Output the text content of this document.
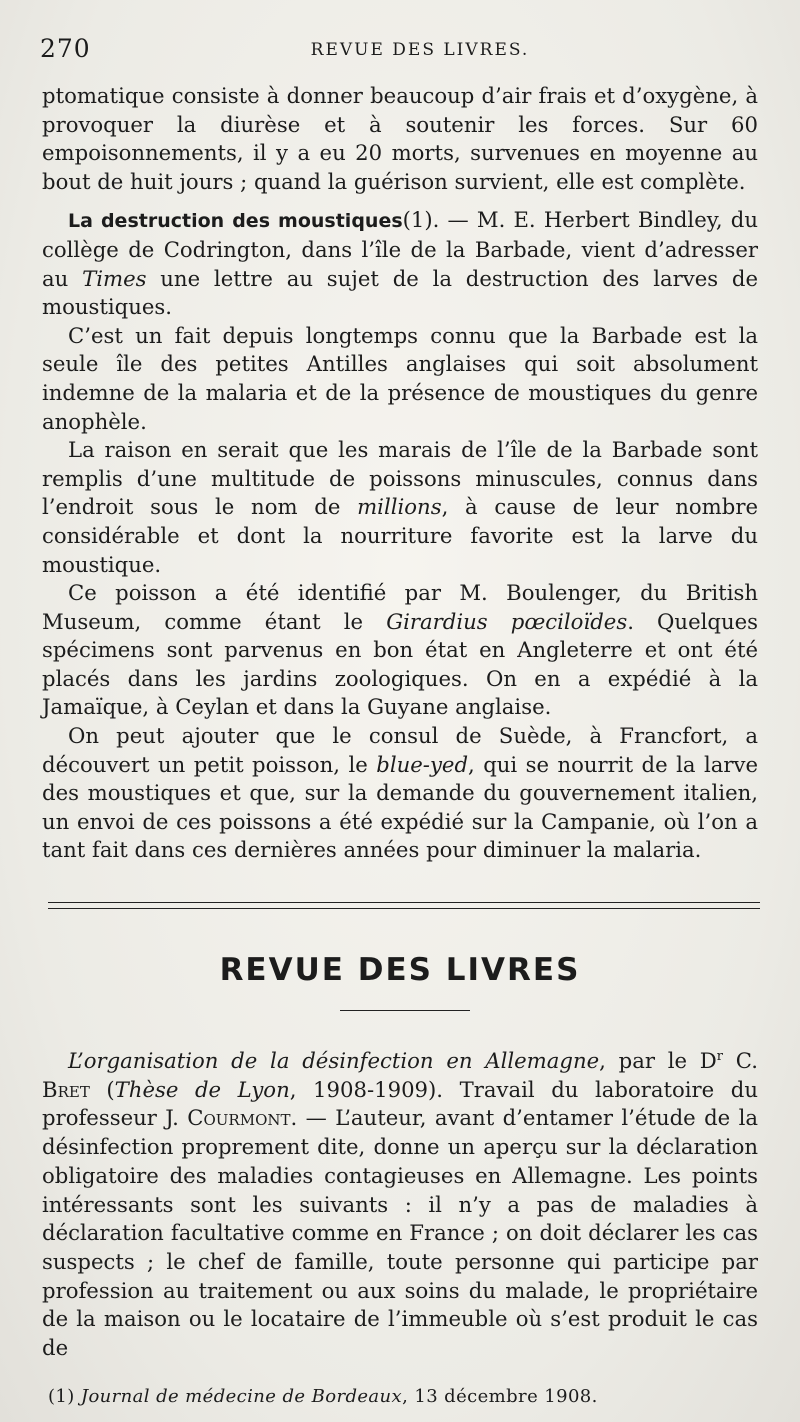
270	REVUE DES LIVRES.

ptomatique consiste à donner beaucoup d’air frais et d’oxygène, à provoquer la diurèse et à soutenir les forces. Sur 60 empoisonnements, il y a eu 20 morts, survenues en moyenne au bout de huit jours ; quand la guérison survient, elle est complète.

La destruction des moustiques(1). — M. E. Herbert Bindley, du collège de Codrington, dans l’île de la Barbade, vient d’adresser au Times une lettre au sujet de la destruction des larves de moustiques.

C’est un fait depuis longtemps connu que la Barbade est la seule île des petites Antilles anglaises qui soit absolument indemne de la malaria et de la présence de moustiques du genre anophèle.

La raison en serait que les marais de l’île de la Barbade sont remplis d’une multitude de poissons minuscules, connus dans l’endroit sous le nom de millions, à cause de leur nombre considérable et dont la nourriture favorite est la larve du moustique.

Ce poisson a été identifié par M. Boulenger, du British Museum, comme étant le Girardius pœciloïdes. Quelques spécimens sont parvenus en bon état en Angleterre et ont été placés dans les jardins zoologiques. On en a expédié à la Jamaïque, à Ceylan et dans la Guyane anglaise.

On peut ajouter que le consul de Suède, à Francfort, a découvert un petit poisson, le blue-yed, qui se nourrit de la larve des moustiques et que, sur la demande du gouvernement italien, un envoi de ces poissons a été expédié sur la Campanie, où l’on a tant fait dans ces dernières années pour diminuer la malaria.

REVUE DES LIVRES

L’organisation de la désinfection en Allemagne, par le $D^r$ C. Bret (Thèse de Lyon, 1908-1909). Travail du laboratoire du professeur J. Courmont. — L’auteur, avant d’entamer l’étude de la désinfection proprement dite, donne un aperçu sur la déclaration obligatoire des maladies contagieuses en Allemagne. Les points intéressants sont les suivants : il n’y a pas de maladies à déclaration facultative comme en France ; on doit déclarer les cas suspects ; le chef de famille, toute personne qui participe par profession au traitement ou aux soins du malade, le propriétaire de la maison ou le locataire de l’immeuble où s’est produit le cas de

(1) Journal de médecine de Bordeaux, 13 décembre 1908.
